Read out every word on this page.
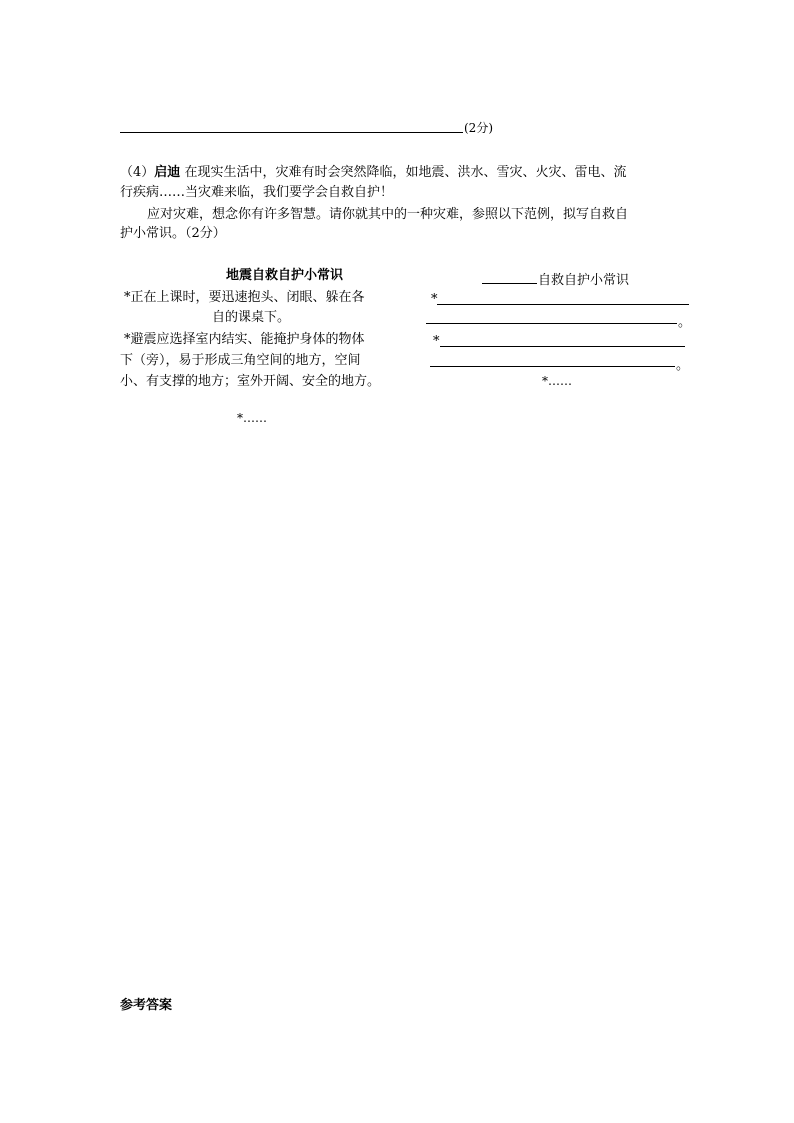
(2分)
（4）启迪 在现实生活中，灾难有时会突然降临，如地震、洪水、雪灾、火灾、雷电、流
行疾病……当灾难来临，我们要学会自救自护！
应对灾难，想念你有许多智慧。请你就其中的一种灾难，参照以下范例，拟写自救自
护小常识。（2分）
地震自救自护小常识
*正在上课时，要迅速抱头、闭眼、躲在各
自的课桌下。
*避震应选择室内结实、能掩护身体的物体
下（旁），易于形成三角空间的地方，空间
小、有支撑的地方；室外开阔、安全的地方。
*……
自救自护小常识
*
。
*
。
*……
参考答案
